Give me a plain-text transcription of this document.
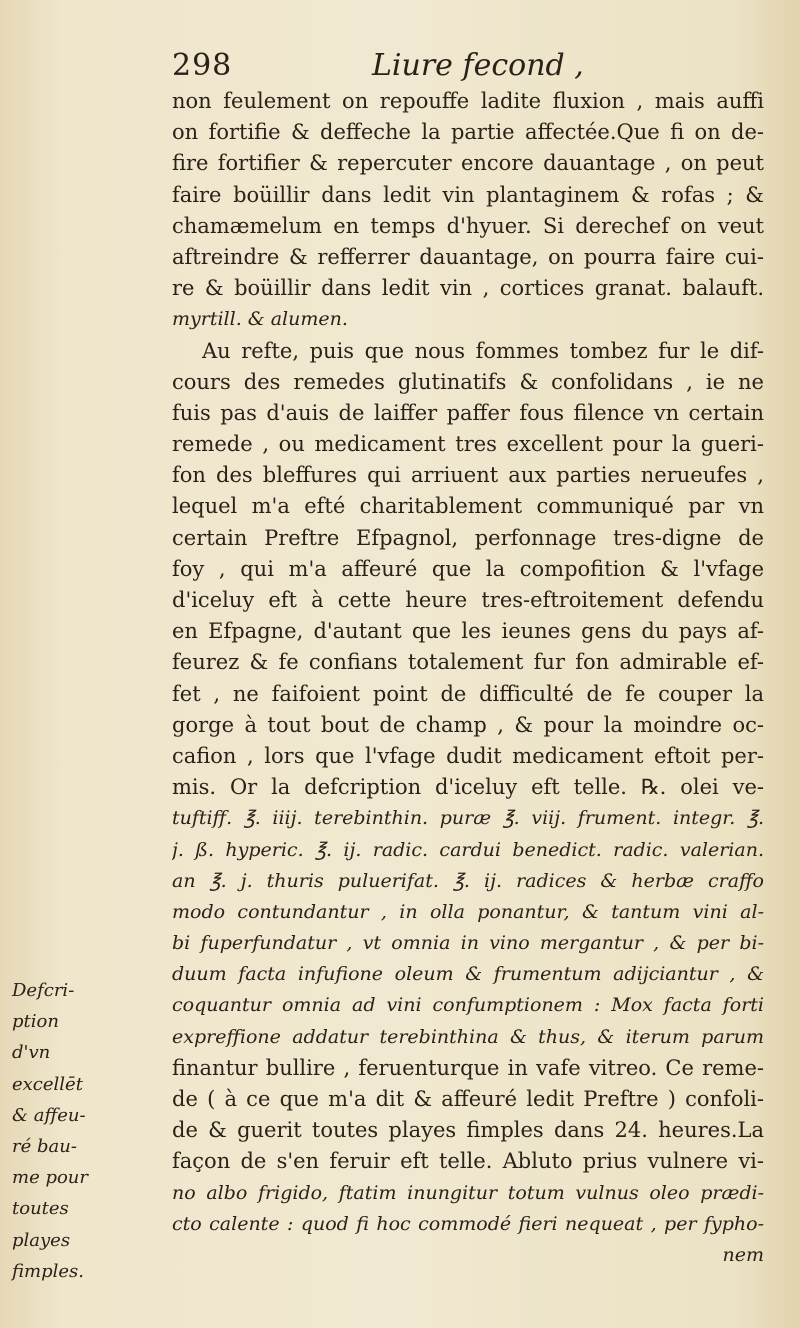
298	Liure fecond ,
non feulement on repouffe ladite fluxion , mais auffi
on fortifie & deffeche la partie affectée.Que fi on de-
fire fortifier & repercuter encore dauantage , on peut
faire boüillir dans ledit vin plantaginem & rofas ; &
chamæmelum en temps d'hyuer. Si derechef on veut
aftreindre & refferrer dauantage, on pourra faire cui-
re & boüillir dans ledit vin , cortices granat. balauft.
myrtill. & alumen.
Au refte, puis que nous fommes tombez fur le dif-
cours des remedes glutinatifs & confolidans , ie ne
fuis pas d'auis de laiffer paffer fous filence vn certain
remede , ou medicament tres excellent pour la gueri-
fon des bleffures qui arriuent aux parties nerueufes ,
lequel m'a efté charitablement communiqué par vn
certain Preftre Efpagnol, perfonnage tres-digne de
foy , qui m'a affeuré que la compofition & l'vfage
d'iceluy eft à cette heure tres-eftroitement defendu
en Efpagne, d'autant que les ieunes gens du pays af-
feurez & fe confians totalement fur fon admirable ef-
fet , ne faifoient point de difficulté de fe couper la
gorge à tout bout de champ , & pour la moindre oc-
cafion , lors que l'vfage dudit medicament eftoit per-
mis. Or la defcription d'iceluy eft telle. ℞. olei ve-
tuftiff. ℥. iiij. terebinthin. puræ ℥. viij. frument. integr. ℥.
j. ß. hyperic. ℥. ij. radic. cardui benedict. radic. valerian.
an ℥. j. thuris puluerifat. ℥. ij. radices & herbæ craffo
modo contundantur , in olla ponantur, & tantum vini al-
bi fuperfundatur , vt omnia in vino mergantur , & per bi-
duum facta infufione oleum & frumentum adijciantur , &
coquantur omnia ad vini confumptionem : Mox facta forti
expreffione addatur terebinthina & thus, & iterum parum
finantur bullire , feruenturque in vafe vitreo. Ce reme-
de ( à ce que m'a dit & affeuré ledit Preftre ) confoli-
de & guerit toutes playes fimples dans 24. heures.La
façon de s'en feruir eft telle. Abluto prius vulnere vi-
no albo frigido, ftatim inungitur totum vulnus oleo prædi-
cto calente : quod fi hoc commodé fieri nequeat , per fypho-
nem
Defcri-
ption
d'vn
excellēt
& affeu-
ré bau-
me pour
toutes
playes
fimples.
